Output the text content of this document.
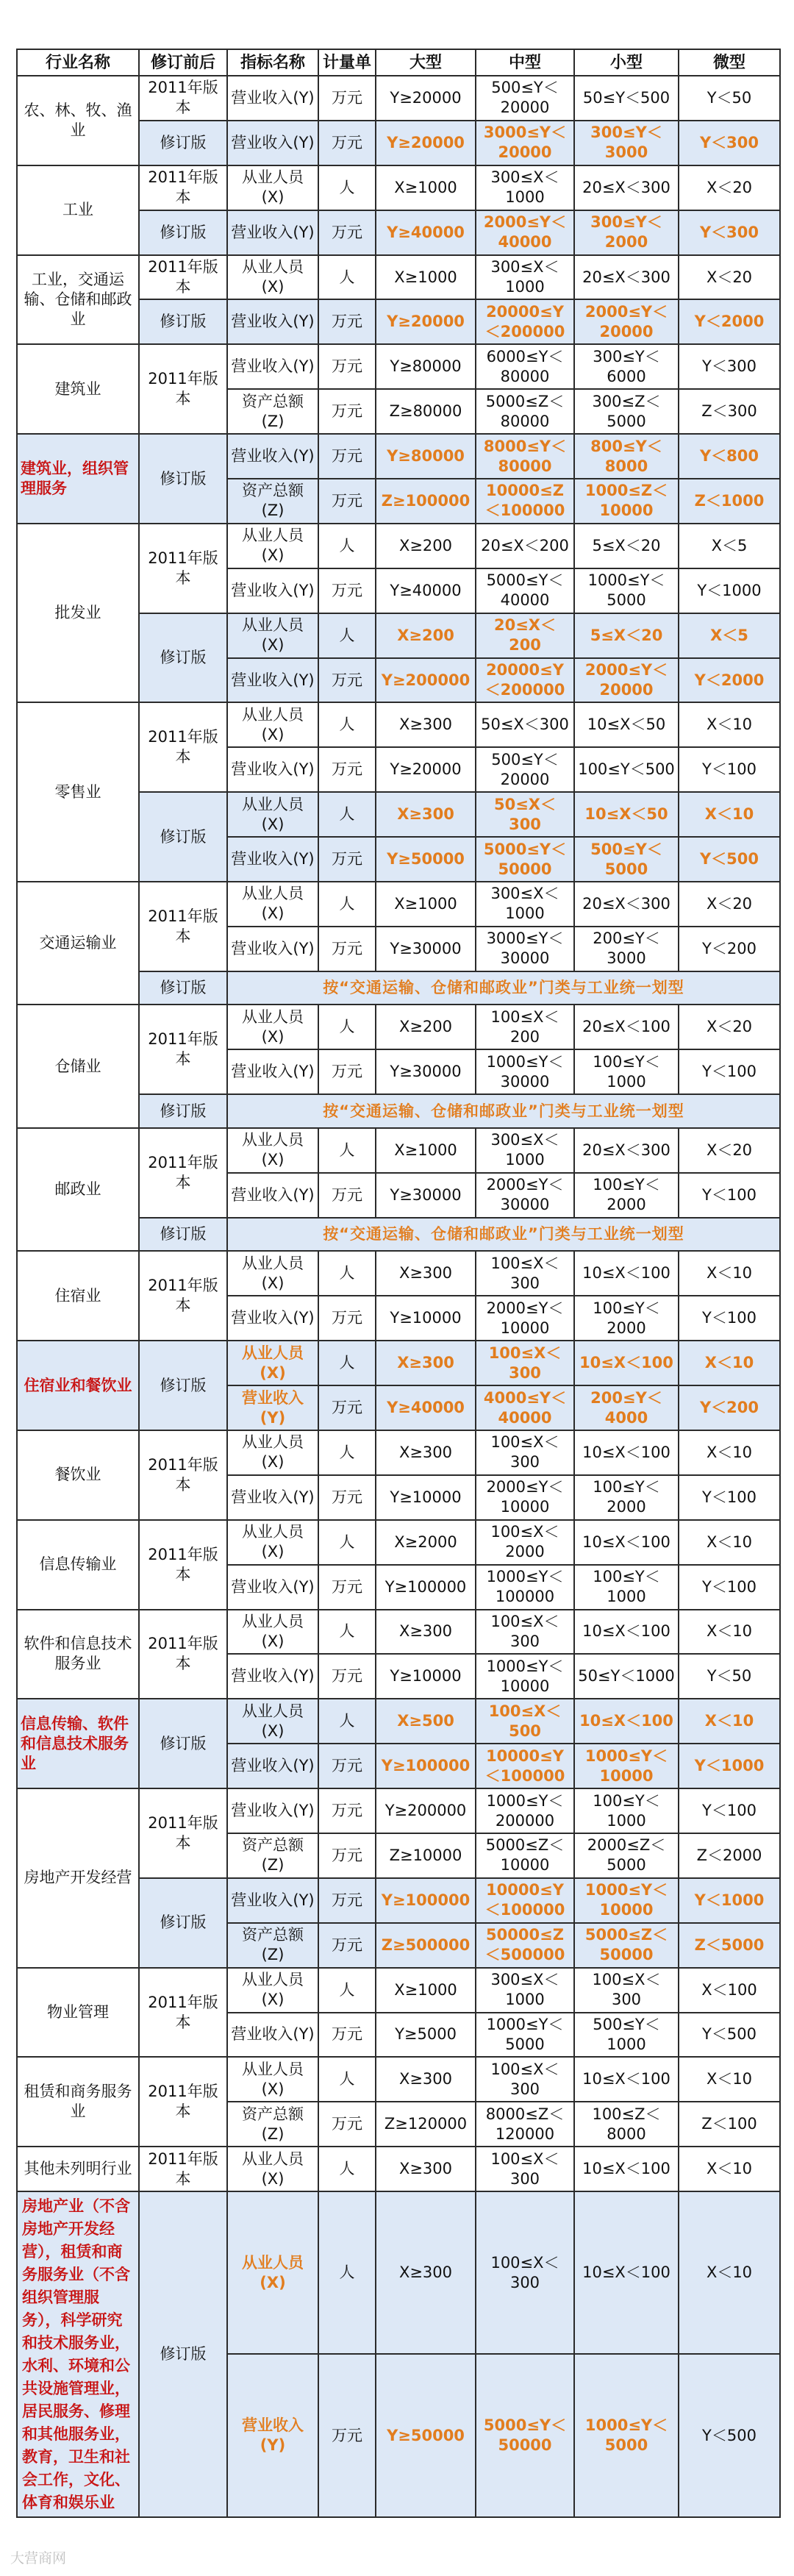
行业名称	修订前后	指标名称	计量单	大型	中型	小型	微型
农、林、牧、渔业	2011年版本	营业收入(Y)	万元	Y≥20000	500≤Y＜20000	50≤Y＜500	Y＜50
	修订版	营业收入(Y)	万元	Y≥20000	3000≤Y＜20000	300≤Y＜3000	Y＜300
工业	2011年版本	从业人员(X)	人	X≥1000	300≤X＜1000	20≤X＜300	X＜20
	修订版	营业收入(Y)	万元	Y≥40000	2000≤Y＜40000	300≤Y＜2000	Y＜300
工业，交通运输、仓储和邮政业	2011年版本	从业人员(X)	人	X≥1000	300≤X＜1000	20≤X＜300	X＜20
	修订版	营业收入(Y)	万元	Y≥20000	20000≤Y＜200000	2000≤Y＜20000	Y＜2000
建筑业	2011年版本	营业收入(Y)	万元	Y≥80000	6000≤Y＜80000	300≤Y＜6000	Y＜300
		资产总额(Z)	万元	Z≥80000	5000≤Z＜80000	300≤Z＜5000	Z＜300
建筑业，组织管理服务	修订版	营业收入(Y)	万元	Y≥80000	8000≤Y＜80000	800≤Y＜8000	Y＜800
		资产总额(Z)	万元	Z≥100000	10000≤Z＜100000	1000≤Z＜10000	Z＜1000
批发业	2011年版本	从业人员(X)	人	X≥200	20≤X＜200	5≤X＜20	X＜5
		营业收入(Y)	万元	Y≥40000	5000≤Y＜40000	1000≤Y＜5000	Y＜1000
	修订版	从业人员(X)	人	X≥200	20≤X＜200	5≤X＜20	X＜5
		营业收入(Y)	万元	Y≥200000	20000≤Y＜200000	2000≤Y＜20000	Y＜2000
零售业	2011年版本	从业人员(X)	人	X≥300	50≤X＜300	10≤X＜50	X＜10
		营业收入(Y)	万元	Y≥20000	500≤Y＜20000	100≤Y＜500	Y＜100
	修订版	从业人员(X)	人	X≥300	50≤X＜300	10≤X＜50	X＜10
		营业收入(Y)	万元	Y≥50000	5000≤Y＜50000	500≤Y＜5000	Y＜500
交通运输业	2011年版本	从业人员(X)	人	X≥1000	300≤X＜1000	20≤X＜300	X＜20
		营业收入(Y)	万元	Y≥30000	3000≤Y＜30000	200≤Y＜3000	Y＜200
	修订版	按“交通运输、仓储和邮政业”门类与工业统一划型					
仓储业	2011年版本	从业人员(X)	人	X≥200	100≤X＜200	20≤X＜100	X＜20
		营业收入(Y)	万元	Y≥30000	1000≤Y＜30000	100≤Y＜1000	Y＜100
	修订版	按“交通运输、仓储和邮政业”门类与工业统一划型					
邮政业	2011年版本	从业人员(X)	人	X≥1000	300≤X＜1000	20≤X＜300	X＜20
		营业收入(Y)	万元	Y≥30000	2000≤Y＜30000	100≤Y＜2000	Y＜100
	修订版	按“交通运输、仓储和邮政业”门类与工业统一划型					
住宿业	2011年版本	从业人员(X)	人	X≥300	100≤X＜300	10≤X＜100	X＜10
		营业收入(Y)	万元	Y≥10000	2000≤Y＜10000	100≤Y＜2000	Y＜100
住宿业和餐饮业	修订版	从业人员(X)	人	X≥300	100≤X＜300	10≤X＜100	X＜10
		营业收入(Y)	万元	Y≥40000	4000≤Y＜40000	200≤Y＜4000	Y＜200
餐饮业	2011年版本	从业人员(X)	人	X≥300	100≤X＜300	10≤X＜100	X＜10
		营业收入(Y)	万元	Y≥10000	2000≤Y＜10000	100≤Y＜2000	Y＜100
信息传输业	2011年版本	从业人员(X)	人	X≥2000	100≤X＜2000	10≤X＜100	X＜10
		营业收入(Y)	万元	Y≥100000	1000≤Y＜100000	100≤Y＜1000	Y＜100
软件和信息技术服务业	2011年版本	从业人员(X)	人	X≥300	100≤X＜300	10≤X＜100	X＜10
		营业收入(Y)	万元	Y≥10000	1000≤Y＜10000	50≤Y＜1000	Y＜50
信息传输、软件和信息技术服务业	修订版	从业人员(X)	人	X≥500	100≤X＜500	10≤X＜100	X＜10
		营业收入(Y)	万元	Y≥100000	10000≤Y＜100000	1000≤Y＜10000	Y＜1000
房地产开发经营	2011年版本	营业收入(Y)	万元	Y≥200000	1000≤Y＜200000	100≤Y＜1000	Y＜100
		资产总额(Z)	万元	Z≥10000	5000≤Z＜10000	2000≤Z＜5000	Z＜2000
	修订版	营业收入(Y)	万元	Y≥100000	10000≤Y＜100000	1000≤Y＜10000	Y＜1000
		资产总额(Z)	万元	Z≥500000	50000≤Z＜500000	5000≤Z＜50000	Z＜5000
物业管理	2011年版本	从业人员(X)	人	X≥1000	300≤X＜1000	100≤X＜300	X＜100
		营业收入(Y)	万元	Y≥5000	1000≤Y＜5000	500≤Y＜1000	Y＜500
租赁和商务服务业	2011年版本	从业人员(X)	人	X≥300	100≤X＜300	10≤X＜100	X＜10
		资产总额(Z)	万元	Z≥120000	8000≤Z＜120000	100≤Z＜8000	Z＜100
其他未列明行业	2011年版本	从业人员(X)	人	X≥300	100≤X＜300	10≤X＜100	X＜10
房地产业（不含房地产开发经营），租赁和商务服务业（不含组织管理服务），科学研究和技术服务业，水利、环境和公共设施管理业，居民服务、修理和其他服务业，教育，卫生和社会工作，文化、体育和娱乐业	修订版	从业人员(X)	人	X≥300	100≤X＜300	10≤X＜100	X＜10
		营业收入(Y)	万元	Y≥50000	5000≤Y＜50000	1000≤Y＜5000	Y＜500
大营商网
